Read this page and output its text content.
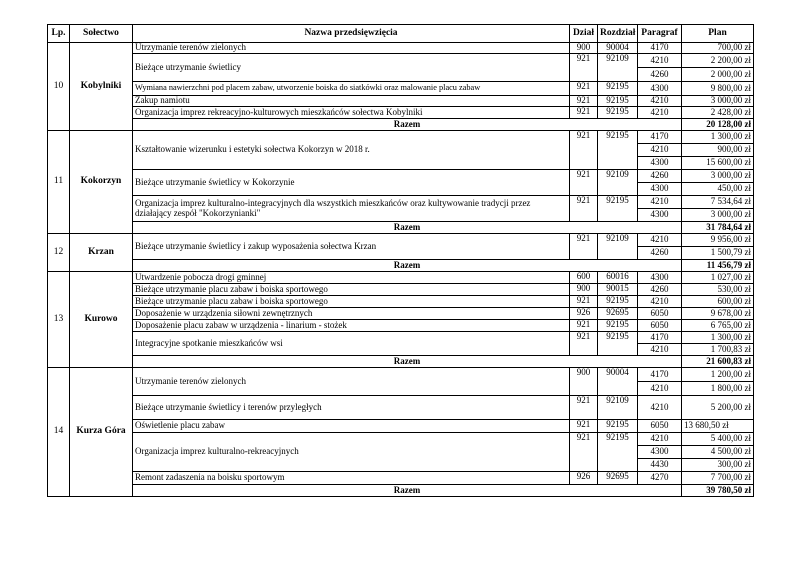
Lp.	Sołectwo	Nazwa przedsięwzięcia	Dział	Rozdział	Paragraf	Plan
10	Kobylniki	Utrzymanie terenów zielonych	900	90004	4170	700,00 zł
		Bieżące utrzymanie świetlicy	921	92109	4210	2 200,00 zł
					4260	2 000,00 zł
		Wymiana nawierzchni pod placem zabaw, utworzenie boiska do siatkówki oraz malowanie placu zabaw	921	92195	4300	9 800,00 zł
		Zakup namiotu	921	92195	4210	3 000,00 zł
		Organizacja imprez rekreacyjno-kulturowych mieszkańców sołectwa Kobylniki	921	92195	4210	2 428,00 zł
		Razem				20 128,00 zł
11	Kokorzyn	Kształtowanie wizerunku i estetyki sołectwa Kokorzyn w 2018 r.	921	92195	4170	1 300,00 zł
					4210	900,00 zł
					4300	15 600,00 zł
		Bieżące utrzymanie świetlicy w Kokorzynie	921	92109	4260	3 000,00 zł
					4300	450,00 zł
		Organizacja imprez kulturalno-integracyjnych dla wszystkich mieszkańców oraz kultywowanie tradycji przez działający zespół "Kokorzynianki"	921	92195	4210	7 534,64 zł
					4300	3 000,00 zł
		Razem				31 784,64 zł
12	Krzan	Bieżące utrzymanie świetlicy i zakup wyposażenia sołectwa Krzan	921	92109	4210	9 956,00 zł
					4260	1 500,79 zł
		Razem				11 456,79 zł
13	Kurowo	Utwardzenie pobocza drogi gminnej	600	60016	4300	1 027,00 zł
		Bieżące utrzymanie placu zabaw i boiska sportowego	900	90015	4260	530,00 zł
		Bieżące utrzymanie placu zabaw i boiska sportowego	921	92195	4210	600,00 zł
		Doposażenie w urządzenia siłowni zewnętrznych	926	92695	6050	9 678,00 zł
		Doposażenie placu zabaw w urządzenia - linarium - stożek	921	92195	6050	6 765,00 zł
		Integracyjne spotkanie mieszkańców wsi	921	92195	4170	1 300,00 zł
					4210	1 700,83 zł
		Razem				21 600,83 zł
14	Kurza Góra	Utrzymanie terenów zielonych	900	90004	4170	1 200,00 zł
					4210	1 800,00 zł
		Bieżące utrzymanie świetlicy i terenów przyległych	921	92109	4210	5 200,00 zł
		Oświetlenie placu zabaw	921	92195	6050	13 680,50 zł
		Organizacja imprez kulturalno-rekreacyjnych	921	92195	4210	5 400,00 zł
					4300	4 500,00 zł
					4430	300,00 zł
		Remont zadaszenia na boisku sportowym	926	92695	4270	7 700,00 zł
		Razem				39 780,50 zł
